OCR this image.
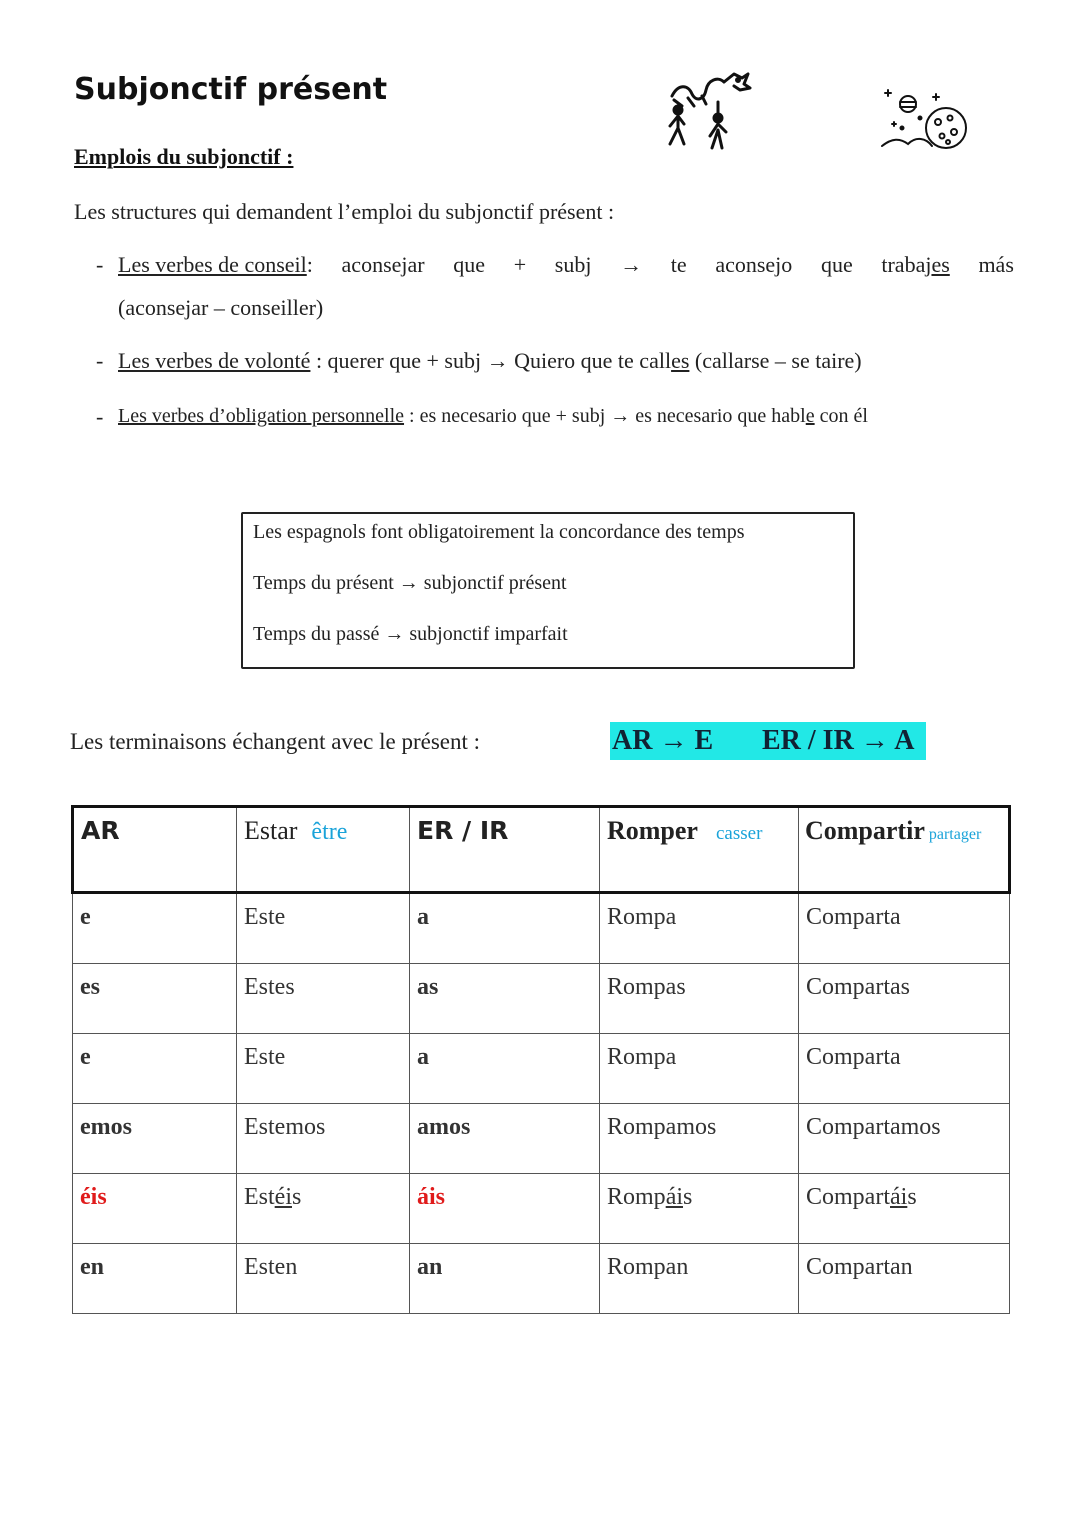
Subjonctif présent
Emplois du subjonctif :
Les structures qui demandent l’emploi du subjonctif présent :
- Les verbes de conseil: aconsejar que + subj → te aconsejo que trabajes más
(aconsejar – conseiller)
- Les verbes de volonté : querer que + subj → Quiero que te calles (callarse – se taire)
- Les verbes d’obligation personnelle : es necesario que + subj → es necesario que hable con él
Les espagnols font obligatoirement la concordance des temps
Temps du présent → subjonctif présent
Temps du passé → subjonctif imparfait
Les terminaisons échangent avec le présent :	AR → E ER / IR → A
AR	Estar être	ER / IR	Romper casser	Compartir partager
e	Este	a	Rompa	Comparta
es	Estes	as	Rompas	Compartas
e	Este	a	Rompa	Comparta
emos	Estemos	amos	Rompamos	Compartamos
éis	Estéis	áis	Rompáis	Compartáis
en	Esten	an	Rompan	Compartan
